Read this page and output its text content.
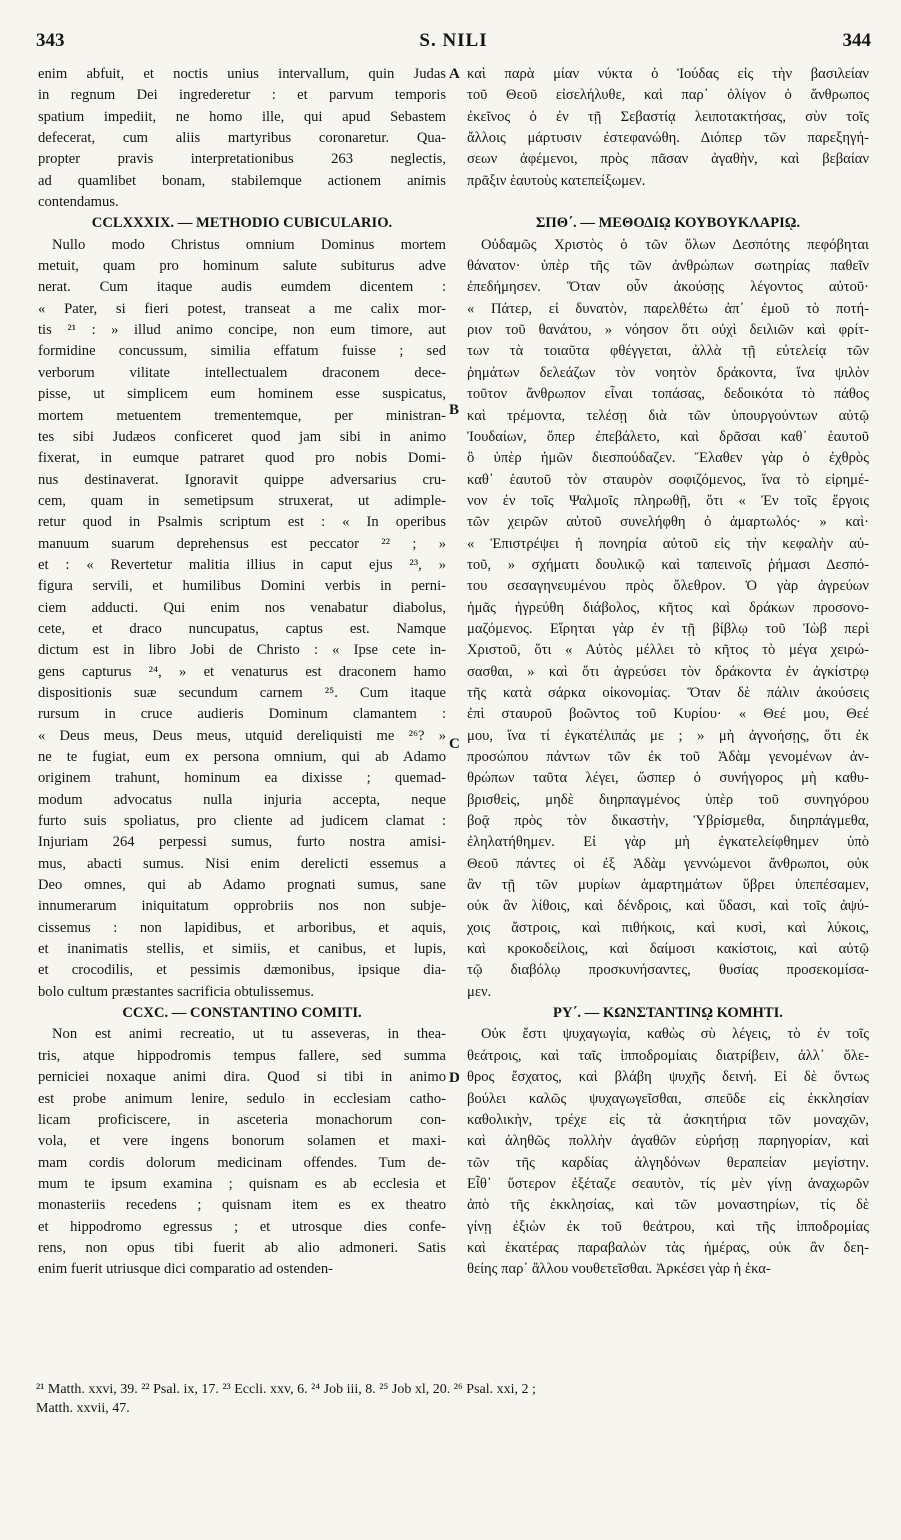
343	S. NILI	344
enim abfuit, et noctis unius intervallum, quin Judas
in regnum Dei ingrederetur : et parvum temporis
spatium impediit, ne homo ille, qui apud Sebastem
defecerat, cum aliis martyribus coronaretur. Qua-
propter pravis interpretationibus 263 neglectis,
ad quamlibet bonam, stabilemque actionem animis
contendamus.
CCLXXXIX. — METHODIO CUBICULARIO.
Nullo modo Christus omnium Dominus mortem
metuit, quam pro hominum salute subiturus adve
nerat. Cum itaque audis eumdem dicentem :
« Pater, si fieri potest, transeat a me calix mor-
tis ²¹ : » illud animo concipe, non eum timore, aut
formidine concussum, similia effatum fuisse ; sed
verborum vilitate intellectualem draconem dece-
pisse, ut simplicem eum hominem esse suspicatus,
mortem metuentem trementemque, per ministran-
tes sibi Judæos conficeret quod jam sibi in animo
fixerat, in eumque patraret quod pro nobis Domi-
nus destinaverat. Ignoravit quippe adversarius cru-
cem, quam in semetipsum struxerat, ut adimple-
retur quod in Psalmis scriptum est : « In operibus
manuum suarum deprehensus est peccator ²² ; »
et : « Revertetur malitia illius in caput ejus ²³, »
figura servili, et humilibus Domini verbis in perni-
ciem adducti. Qui enim nos venabatur diabolus,
cete, et draco nuncupatus, captus est. Namque
dictum est in libro Jobi de Christo : « Ipse cete in-
gens capturus ²⁴, » et venaturus est draconem hamo
dispositionis suæ secundum carnem ²⁵. Cum itaque
rursum in cruce audieris Dominum clamantem :
« Deus meus, Deus meus, utquid dereliquisti me ²⁶? »
ne te fugiat, eum ex persona omnium, qui ab Adamo
originem trahunt, hominum ea dixisse ; quemad-
modum advocatus nulla injuria accepta, neque
furto suis spoliatus, pro cliente ad judicem clamat :
Injuriam 264 perpessi sumus, furto nostra amisi-
mus, abacti sumus. Nisi enim derelicti essemus a
Deo omnes, qui ab Adamo prognati sumus, sane
innumerarum iniquitatum opprobriis nos non subje-
cissemus : non lapidibus, et arboribus, et aquis,
et inanimatis stellis, et simiis, et canibus, et lupis,
et crocodilis, et pessimis dæmonibus, ipsique dia-
bolo cultum præstantes sacrificia obtulissemus.
CCXC. — CONSTANTINO COMITI.
Non est animi recreatio, ut tu asseveras, in thea-
tris, atque hippodromis tempus fallere, sed summa
perniciei noxaque animi dira. Quod si tibi in animo
est probe animum lenire, sedulo in ecclesiam catho-
licam proficiscere, in asceteria monachorum con-
vola, et vere ingens bonorum solamen et maxi-
mam cordis dolorum medicinam offendes. Tum de-
mum te ipsum examina ; quisnam es ab ecclesia et
monasteriis recedens ; quisnam item es ex theatro
et hippodromo egressus ; et utrosque dies confe-
rens, non opus tibi fuerit ab alio admoneri. Satis
enim fuerit utriusque dici comparatio ad ostenden-
καὶ παρὰ μίαν νύκτα ὁ Ἰούδας εἰς τὴν βασιλείαν
τοῦ Θεοῦ εἰσελήλυθε, καὶ παρ᾽ ὀλίγον ὁ ἄνθρωπος
ἐκεῖνος ὁ ἐν τῇ Σεβαστίᾳ λειποτακτήσας, σὺν τοῖς
ἄλλοις μάρτυσιν ἐστεφανώθη. Διόπερ τῶν παρεξηγή-
σεων ἀφέμενοι, πρὸς πᾶσαν ἀγαθὴν, καὶ βεβαίαν
πρᾶξιν ἑαυτοὺς κατεπείξωμεν.
ΣΠΘ΄. — ΜΕΘΟΔΙῼ ΚΟΥΒΟΥΚΛΑΡΙῼ.
Οὐδαμῶς Χριστὸς ὁ τῶν ὅλων Δεσπότης πεφόβηται
θάνατον· ὑπὲρ τῆς τῶν ἀνθρώπων σωτηρίας παθεῖν
ἐπεδήμησεν. Ὅταν οὖν ἀκούσῃς λέγοντος αὐτοῦ·
« Πάτερ, εἰ δυνατὸν, παρελθέτω ἀπ᾽ ἐμοῦ τὸ ποτή-
ριον τοῦ θανάτου, » νόησον ὅτι οὐχὶ δειλιῶν καὶ φρίτ-
των τὰ τοιαῦτα φθέγγεται, ἀλλὰ τῇ εὐτελείᾳ τῶν
ῥημάτων δελεάζων τὸν νοητὸν δράκοντα, ἵνα ψιλὸν
τοῦτον ἄνθρωπον εἶναι τοπάσας, δεδοικότα τὸ πάθος
καὶ τρέμοντα, τελέσῃ διὰ τῶν ὑπουργούντων αὐτῷ
Ἰουδαίων, ὅπερ ἐπεβάλετο, καὶ δρᾶσαι καθ᾽ ἑαυτοῦ
ὃ ὑπὲρ ἡμῶν διεσπούδαζεν. Ἔλαθεν γὰρ ὁ ἐχθρὸς
καθ᾽ ἑαυτοῦ τὸν σταυρὸν σοφιζόμενος, ἵνα τὸ εἰρημέ-
νον ἐν τοῖς Ψαλμοῖς πληρωθῇ, ὅτι « Ἐν τοῖς ἔργοις
τῶν χειρῶν αὐτοῦ συνελήφθη ὁ ἁμαρτωλός· » καὶ·
« Ἐπιστρέψει ἡ πονηρία αὐτοῦ εἰς τὴν κεφαλὴν αὐ-
τοῦ, » σχήματι δουλικῷ καὶ ταπεινοῖς ῥήμασι Δεσπό-
του σεσαγηνευμένου πρὸς ὄλεθρον. Ὁ γὰρ ἀγρεύων
ἡμᾶς ἠγρεύθη διάβολος, κῆτος καὶ δράκων προσονο-
μαζόμενος. Εἴρηται γὰρ ἐν τῇ βίβλῳ τοῦ Ἰὼβ περὶ
Χριστοῦ, ὅτι « Αὐτὸς μέλλει τὸ κῆτος τὸ μέγα χειρώ-
σασθαι, » καὶ ὅτι ἀγρεύσει τὸν δράκοντα ἐν ἀγκίστρῳ
τῆς κατὰ σάρκα οἰκονομίας. Ὅταν δὲ πάλιν ἀκούσεις
ἐπὶ σταυροῦ βοῶντος τοῦ Κυρίου· « Θεέ μου, Θεέ
μου, ἵνα τί ἐγκατέλιπάς με ; » μὴ ἀγνοήσῃς, ὅτι ἐκ
προσώπου πάντων τῶν ἐκ τοῦ Ἀδὰμ γενομένων ἀν-
θρώπων ταῦτα λέγει, ὥσπερ ὁ συνήγορος μὴ καθυ-
βρισθεὶς, μηδὲ διηρπαγμένος ὑπὲρ τοῦ συνηγόρου
βοᾷ πρὸς τὸν δικαστὴν, Ὑβρίσμεθα, διηρπάγμεθα,
ἐληλατήθημεν. Εἰ γὰρ μὴ ἐγκατελείφθημεν ὑπὸ
Θεοῦ πάντες οἱ ἐξ Ἀδὰμ γεννώμενοι ἄνθρωποι, οὐκ
ἂν τῇ τῶν μυρίων ἁμαρτημάτων ὕβρει ὑπεπέσαμεν,
οὐκ ἂν λίθοις, καὶ δένδροις, καὶ ὕδασι, καὶ τοῖς ἀψύ-
χοις ἄστροις, καὶ πιθήκοις, καὶ κυσὶ, καὶ λύκοις,
καὶ κροκοδείλοις, καὶ δαίμοσι κακίστοις, καὶ αὐτῷ
τῷ διαβόλῳ προσκυνήσαντες, θυσίας προσεκομίσα-
μεν.
ΡΥ΄. — ΚΩΝΣΤΑΝΤΙΝῼ ΚΟΜΗΤΙ.
Οὐκ ἔστι ψυχαγωγία, καθὼς σὺ λέγεις, τὸ ἐν τοῖς
θεάτροις, καὶ ταῖς ἱπποδρομίαις διατρίβειν, ἀλλ᾽ ὄλε-
θρος ἔσχατος, καὶ βλάβη ψυχῆς δεινή. Εἰ δὲ ὄντως
βούλει καλῶς ψυχαγωγεῖσθαι, σπεῦδε εἰς ἐκκλησίαν
καθολικὴν, τρέχε εἰς τὰ ἀσκητήρια τῶν μοναχῶν,
καὶ ἀληθῶς πολλὴν ἀγαθῶν εὑρήσῃ παρηγορίαν, καὶ
τῶν τῆς καρδίας ἀλγηδόνων θεραπείαν μεγίστην.
Εἶθ᾽ ὕστερον ἐξέταζε σεαυτὸν, τίς μὲν γίνῃ ἀναχωρῶν
ἀπὸ τῆς ἐκκλησίας, καὶ τῶν μοναστηρίων, τίς δὲ
γίνῃ ἐξιὼν ἐκ τοῦ θεάτρου, καὶ τῆς ἱπποδρομίας
καὶ ἑκατέρας παραβαλὼν τὰς ἡμέρας, οὐκ ἂν δεη-
θείης παρ᾽ ἄλλου νουθετεῖσθαι. Ἀρκέσει γὰρ ἡ ἑκα-
A
B
C
D
²¹ Matth. xxvi, 39. ²² Psal. ix, 17. ²³ Eccli. xxv, 6. ²⁴ Job iii, 8. ²⁵ Job xl, 20. ²⁶ Psal. xxi, 2 ;
Matth. xxvii, 47.
